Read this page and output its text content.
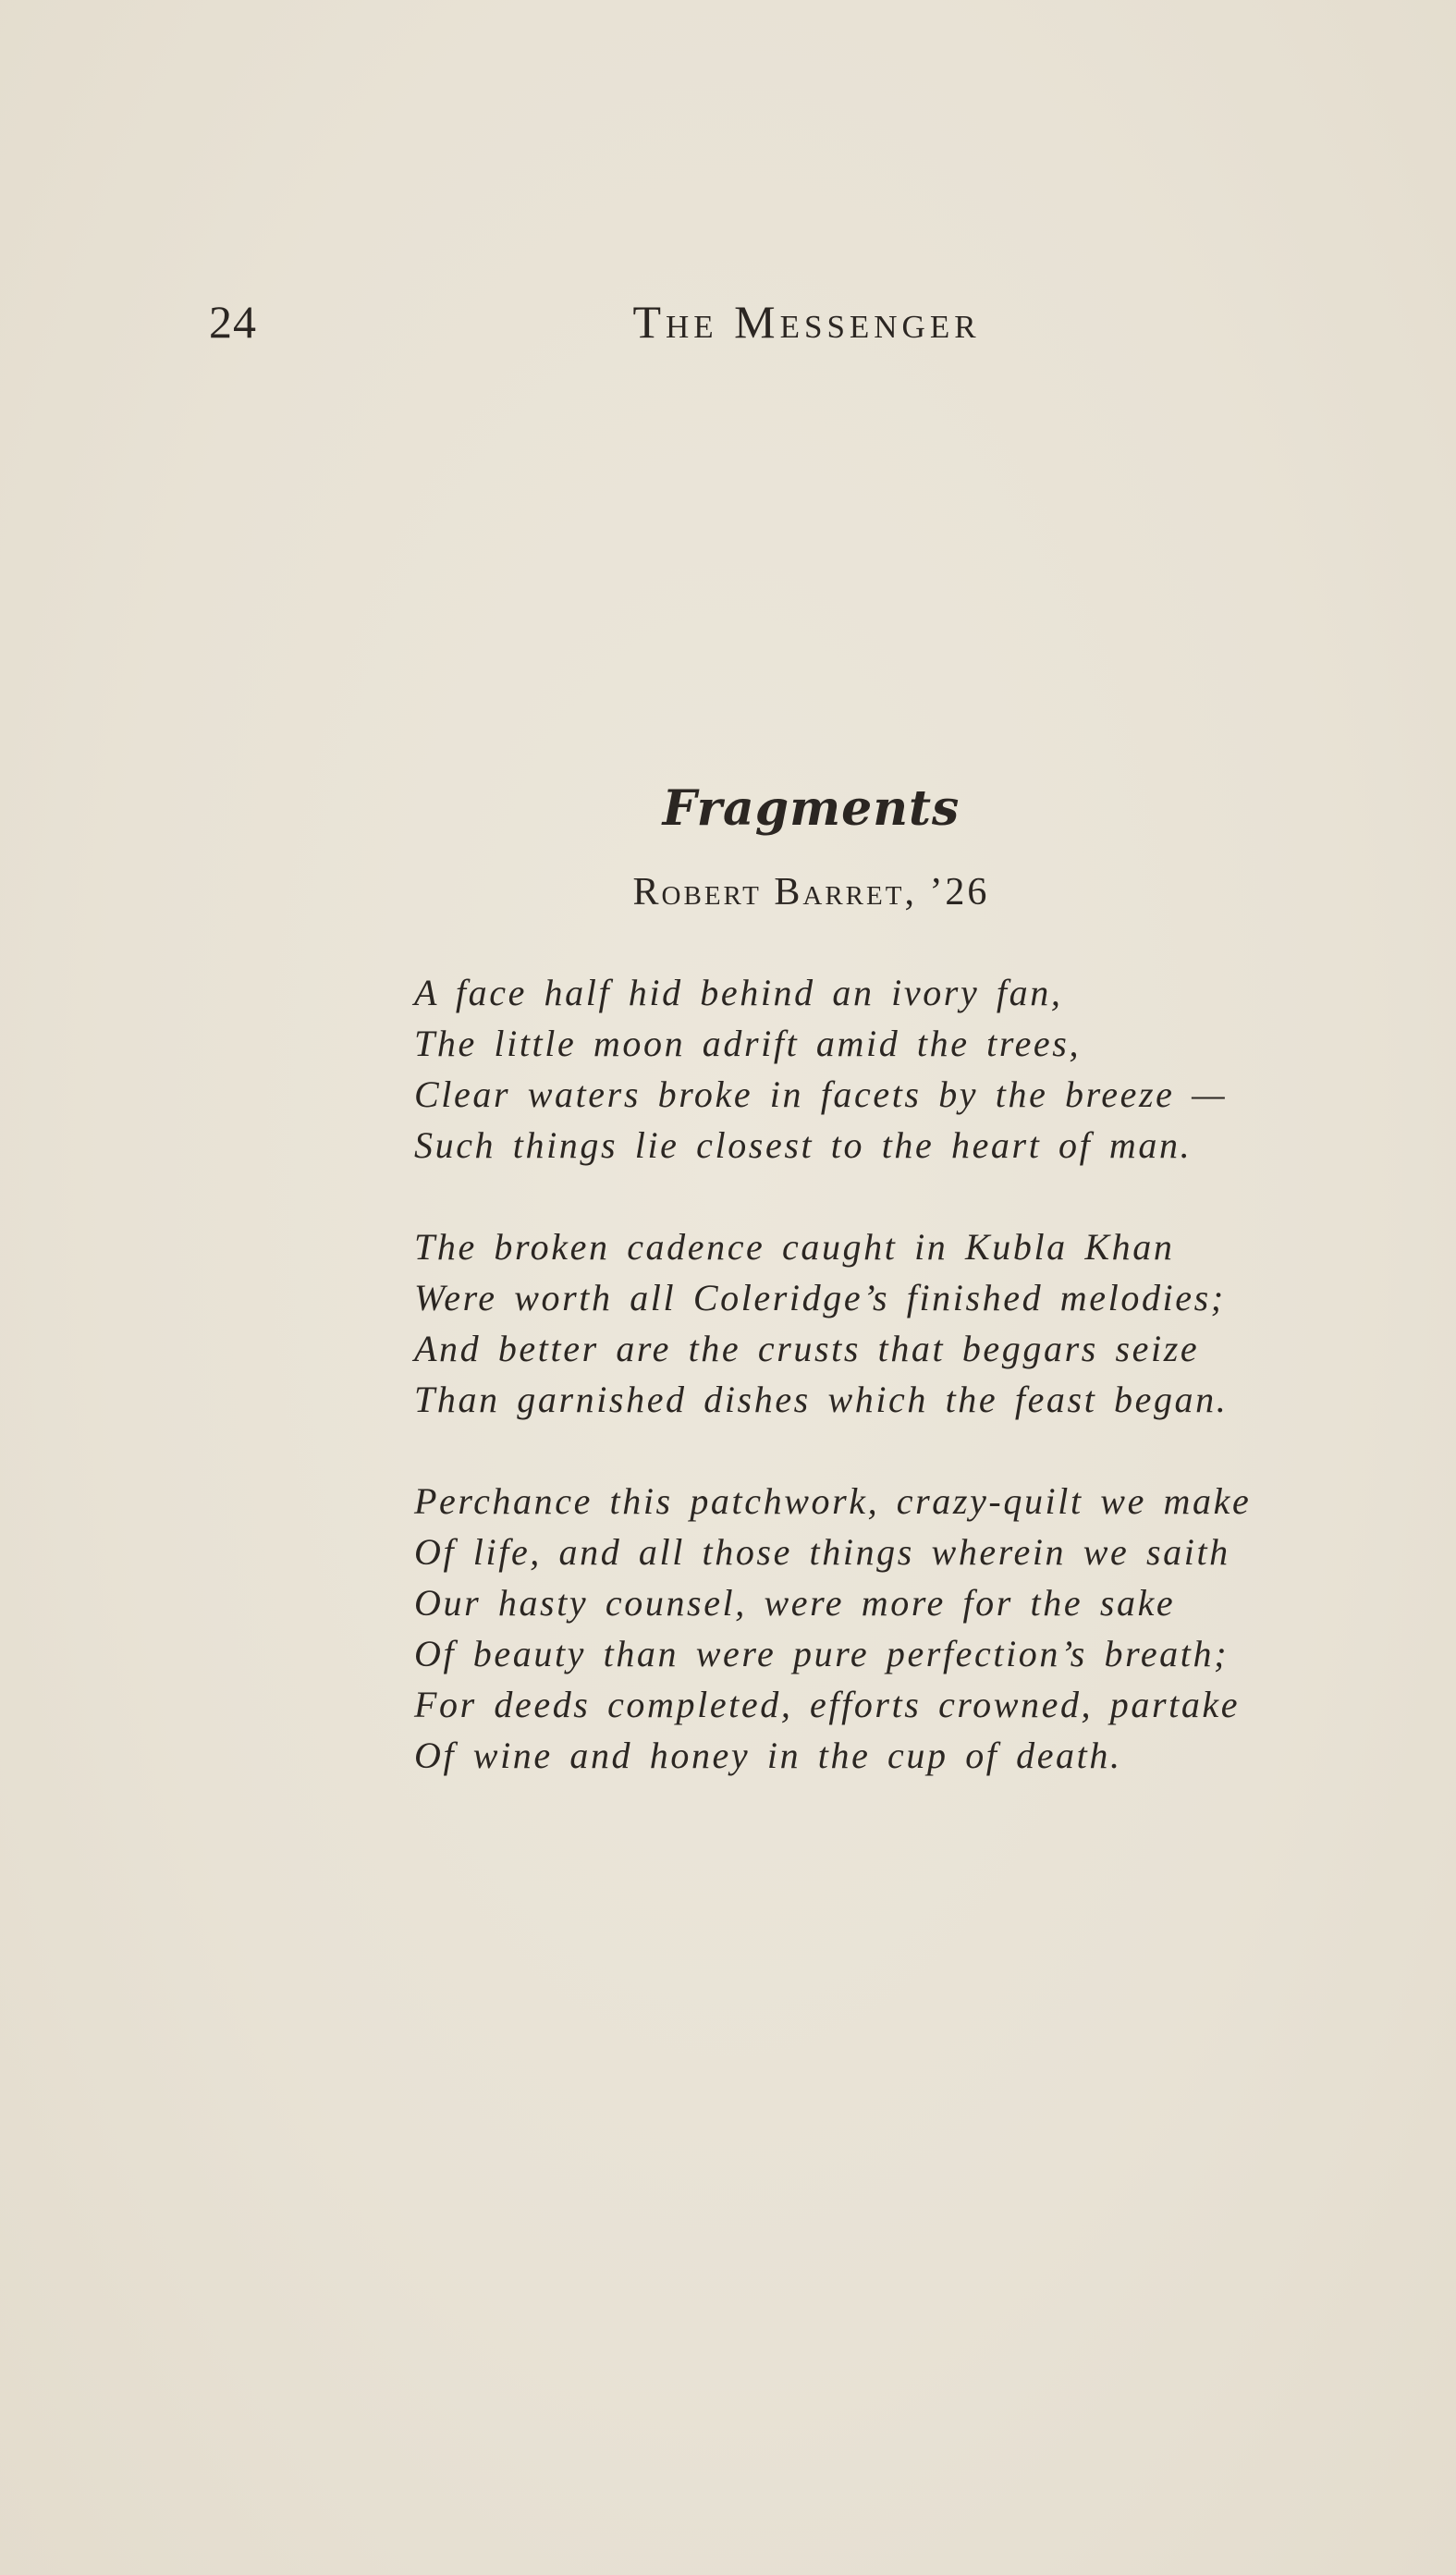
24	The Messenger
Fragments
Robert Barret, ’26
A face half hid behind an ivory fan,
The little moon adrift amid the trees,
Clear waters broke in facets by the breeze —
Such things lie closest to the heart of man.
The broken cadence caught in Kubla Khan
Were worth all Coleridge’s finished melodies;
And better are the crusts that beggars seize
Than garnished dishes which the feast began.
Perchance this patchwork, crazy-quilt we make
Of life, and all those things wherein we saith
Our hasty counsel, were more for the sake
Of beauty than were pure perfection’s breath;
For deeds completed, efforts crowned, partake
Of wine and honey in the cup of death.
